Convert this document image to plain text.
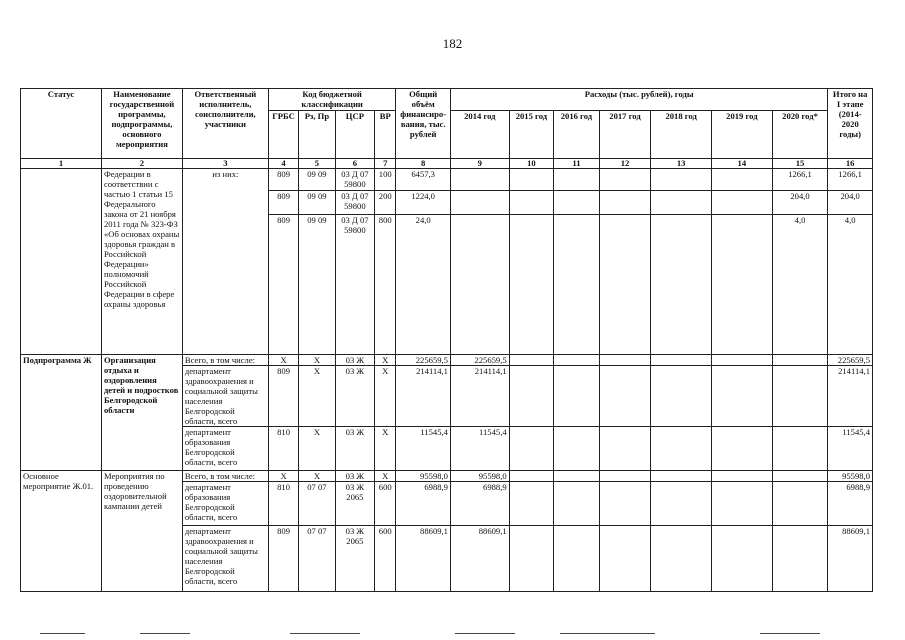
182
Статус	Наименование государственной программы, подпрограммы, основного мероприятия	Ответственный исполнитель, соисполнители, участники	Код бюджетной классификации				Общий объём финансиро-вания, тыс. рублей	Расходы (тыс. рублей), годы							Итого на I этапе (2014-2020 годы)
			ГРБС	Рз, Пр	ЦСР	ВР		2014 год	2015 год	2016 год	2017 год	2018 год	2019 год	2020 год*	
1	2	3	4	5	6	7	8	9	10	11	12	13	14	15	16
	Федерации в соответствии с частью 1 статьи 15 Федерального закона от 21 ноября 2011 года № 323-ФЗ «Об основах охраны здоровья граждан в Российской Федерации» полномочий Российской Федерации в сфере охраны здоровья	из них:	809	09 09	03 Д 07 59800	100	6457,3							1266,1	1266,1
			809	09 09	03 Д 07 59800	200	1224,0							204,0	204,0
			809	09 09	03 Д 07 59800	800	24,0							4,0	4,0
Подпрограмма Ж	Организация отдыха и оздоровления детей и подростков Белгородской области	Всего, в том числе:	Х	Х	03 Ж	Х	225659,5	225659,5							225659,5
		департамент здравоохранения и социальной защиты населения Белгородской области, всего	809	Х	03 Ж	Х	214114,1	214114,1							214114,1
		департамент образования Белгородской области, всего	810	Х	03 Ж	Х	11545,4	11545,4							11545,4
Основное мероприятие Ж.01.	Мероприятия по проведению оздоровительной кампании детей	Всего, в том числе:	Х	Х	03 Ж	Х	95598,0	95598,0							95598,0
		департамент образования Белгородской области, всего	810	07 07	03 Ж 2065	600	6988,9	6988,9							6988,9
		департамент здравоохранения и социальной защиты населения Белгородской области, всего	809	07 07	03 Ж 2065	600	88609,1	88609,1							88609,1
